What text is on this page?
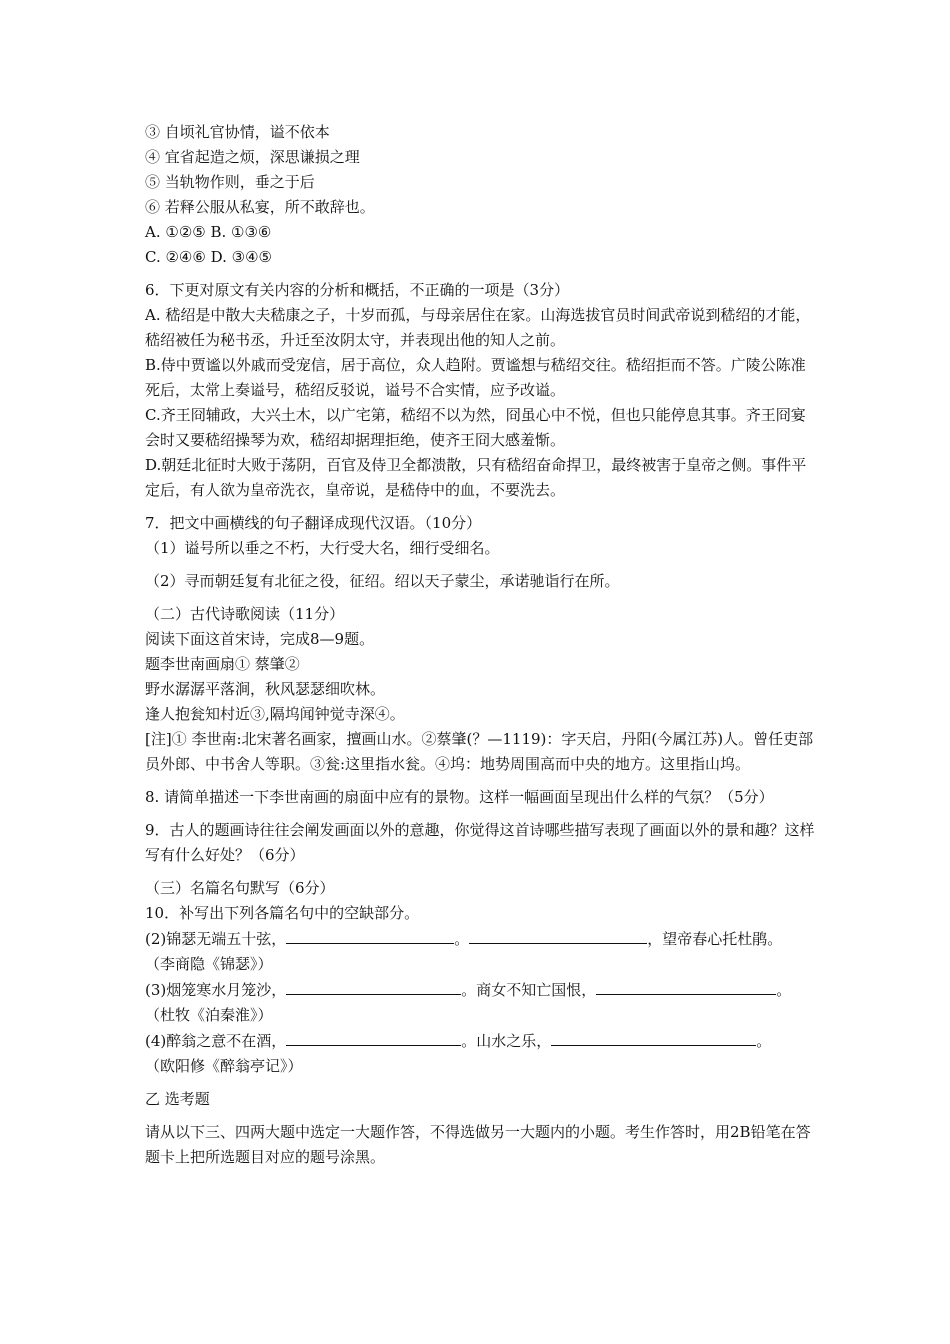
③ 自顷礼官协情，谥不依本
④ 宜省起造之烦，深思谦损之理
⑤ 当轨物作则，垂之于后
⑥ 若释公服从私宴，所不敢辞也。
A. ①②⑤ B. ①③⑥
C. ②④⑥ D. ③④⑤
6．下更对原文有关内容的分析和概括，不正确的一项是（3分）
A. 嵇绍是中散大夫嵇康之子，十岁而孤，与母亲居住在家。山海选拔官员时间武帝说到嵇绍的才能，嵇绍被任为秘书丞，升迁至汝阴太守，并表现出他的知人之前。
B.侍中贾谧以外戚而受宠信，居于高位，众人趋附。贾谧想与嵇绍交往。嵇绍拒而不答。广陵公陈准死后，太常上奏谥号，嵇绍反驳说，谥号不合实情，应予改谥。
C.齐王冏辅政，大兴土木，以广宅第，嵇绍不以为然，冏虽心中不悦，但也只能停息其事。齐王冏宴会时又要嵇绍操琴为欢，嵇绍却据理拒绝，使齐王冏大感羞惭。
D.朝廷北征时大败于荡阴，百官及侍卫全都溃散，只有嵇绍奋命捍卫，最终被害于皇帝之侧。事件平定后，有人欲为皇帝洗衣，皇帝说，是嵇侍中的血，不要洗去。
7．把文中画横线的句子翻译成现代汉语。（10分）
（1）谥号所以垂之不朽，大行受大名，细行受细名。
（2）寻而朝廷复有北征之役，征绍。绍以天子蒙尘，承诺驰诣行在所。
（二）古代诗歌阅读（11分）
阅读下面这首宋诗，完成8—9题。
题李世南画扇① 蔡肇②
野水潺潺平落涧，秋风瑟瑟细吹林。
逢人抱瓮知村近③,隔坞闻钟觉寺深④。
[注]① 李世南:北宋著名画家，擅画山水。②蔡肇(？—1119)：字天启，丹阳(今属江苏)人。曾任吏部员外郎、中书舍人等职。③瓮:这里指水瓮。④坞：地势周围高而中央的地方。这里指山坞。
8. 请简单描述一下李世南画的扇面中应有的景物。这样一幅画面呈现出什么样的气氛？（5分）
9．古人的题画诗往往会阐发画面以外的意趣，你觉得这首诗哪些描写表现了画面以外的景和趣？这样写有什么好处？（6分）
（三）名篇名句默写（6分）
10．补写出下列各篇名句中的空缺部分。
(2)锦瑟无端五十弦，	。	，望帝春心托杜鹃。
（李商隐《锦瑟》）
(3)烟笼寒水月笼沙，	。商女不知亡国恨，	。
（杜牧《泊秦淮》）
(4)醉翁之意不在酒，	。山水之乐，	。
（欧阳修《醉翁亭记》）
乙 选考题
请从以下三、四两大题中选定一大题作答，不得选做另一大题内的小题。考生作答时，用2B铅笔在答题卡上把所选题目对应的题号涂黑。
